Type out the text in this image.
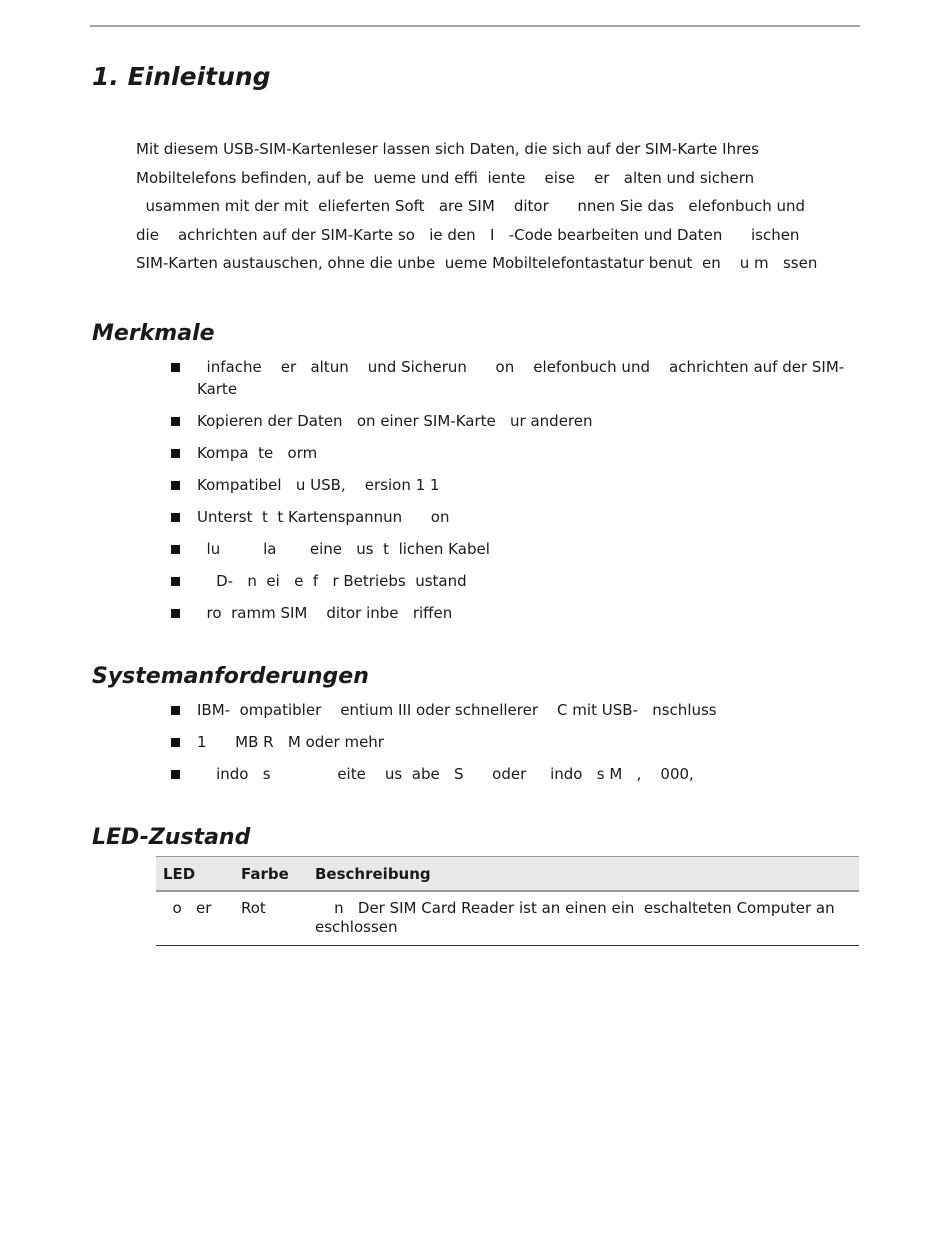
1. Einleitung
Mit diesem USB-SIM-Kartenleser lassen sich Daten, die sich auf der SIM-Karte Ihres
Mobiltelefons befinden, auf be  ueme und effi  iente    eise    er   alten und sichern
usammen mit der mit  elieferten Soft   are SIM    ditor      nnen Sie das   elefonbuch und
die    achrichten auf der SIM-Karte so   ie den   I   -Code bearbeiten und Daten      ischen
SIM-Karten austauschen, ohne die unbe  ueme Mobiltelefontastatur benut  en    u m   ssen
Merkmale
infache    er   altun    und Sicherun      on    elefonbuch und    achrichten auf der SIM-Karte
Kopieren der Daten   on einer SIM-Karte   ur anderen
Kompa  te   orm
Kompatibel   u USB,    ersion 1 1
Unterst  t  t Kartenspannun      on
lu         la       eine   us  t  lichen Kabel
D-   n  ei   e  f   r Betriebs  ustand
ro  ramm SIM    ditor inbe   riffen
Systemanforderungen
IBM-  ompatibler    entium III oder schnellerer    C mit USB-   nschluss
1      MB R   M oder mehr
indo   s              eite    us  abe   S      oder     indo   s M   ,    000,
LED-Zustand
LED	Farbe	Beschreibung
o   er	Rot	n   Der SIM Card Reader ist an einen ein  eschalteten Computer an  eschlossen
